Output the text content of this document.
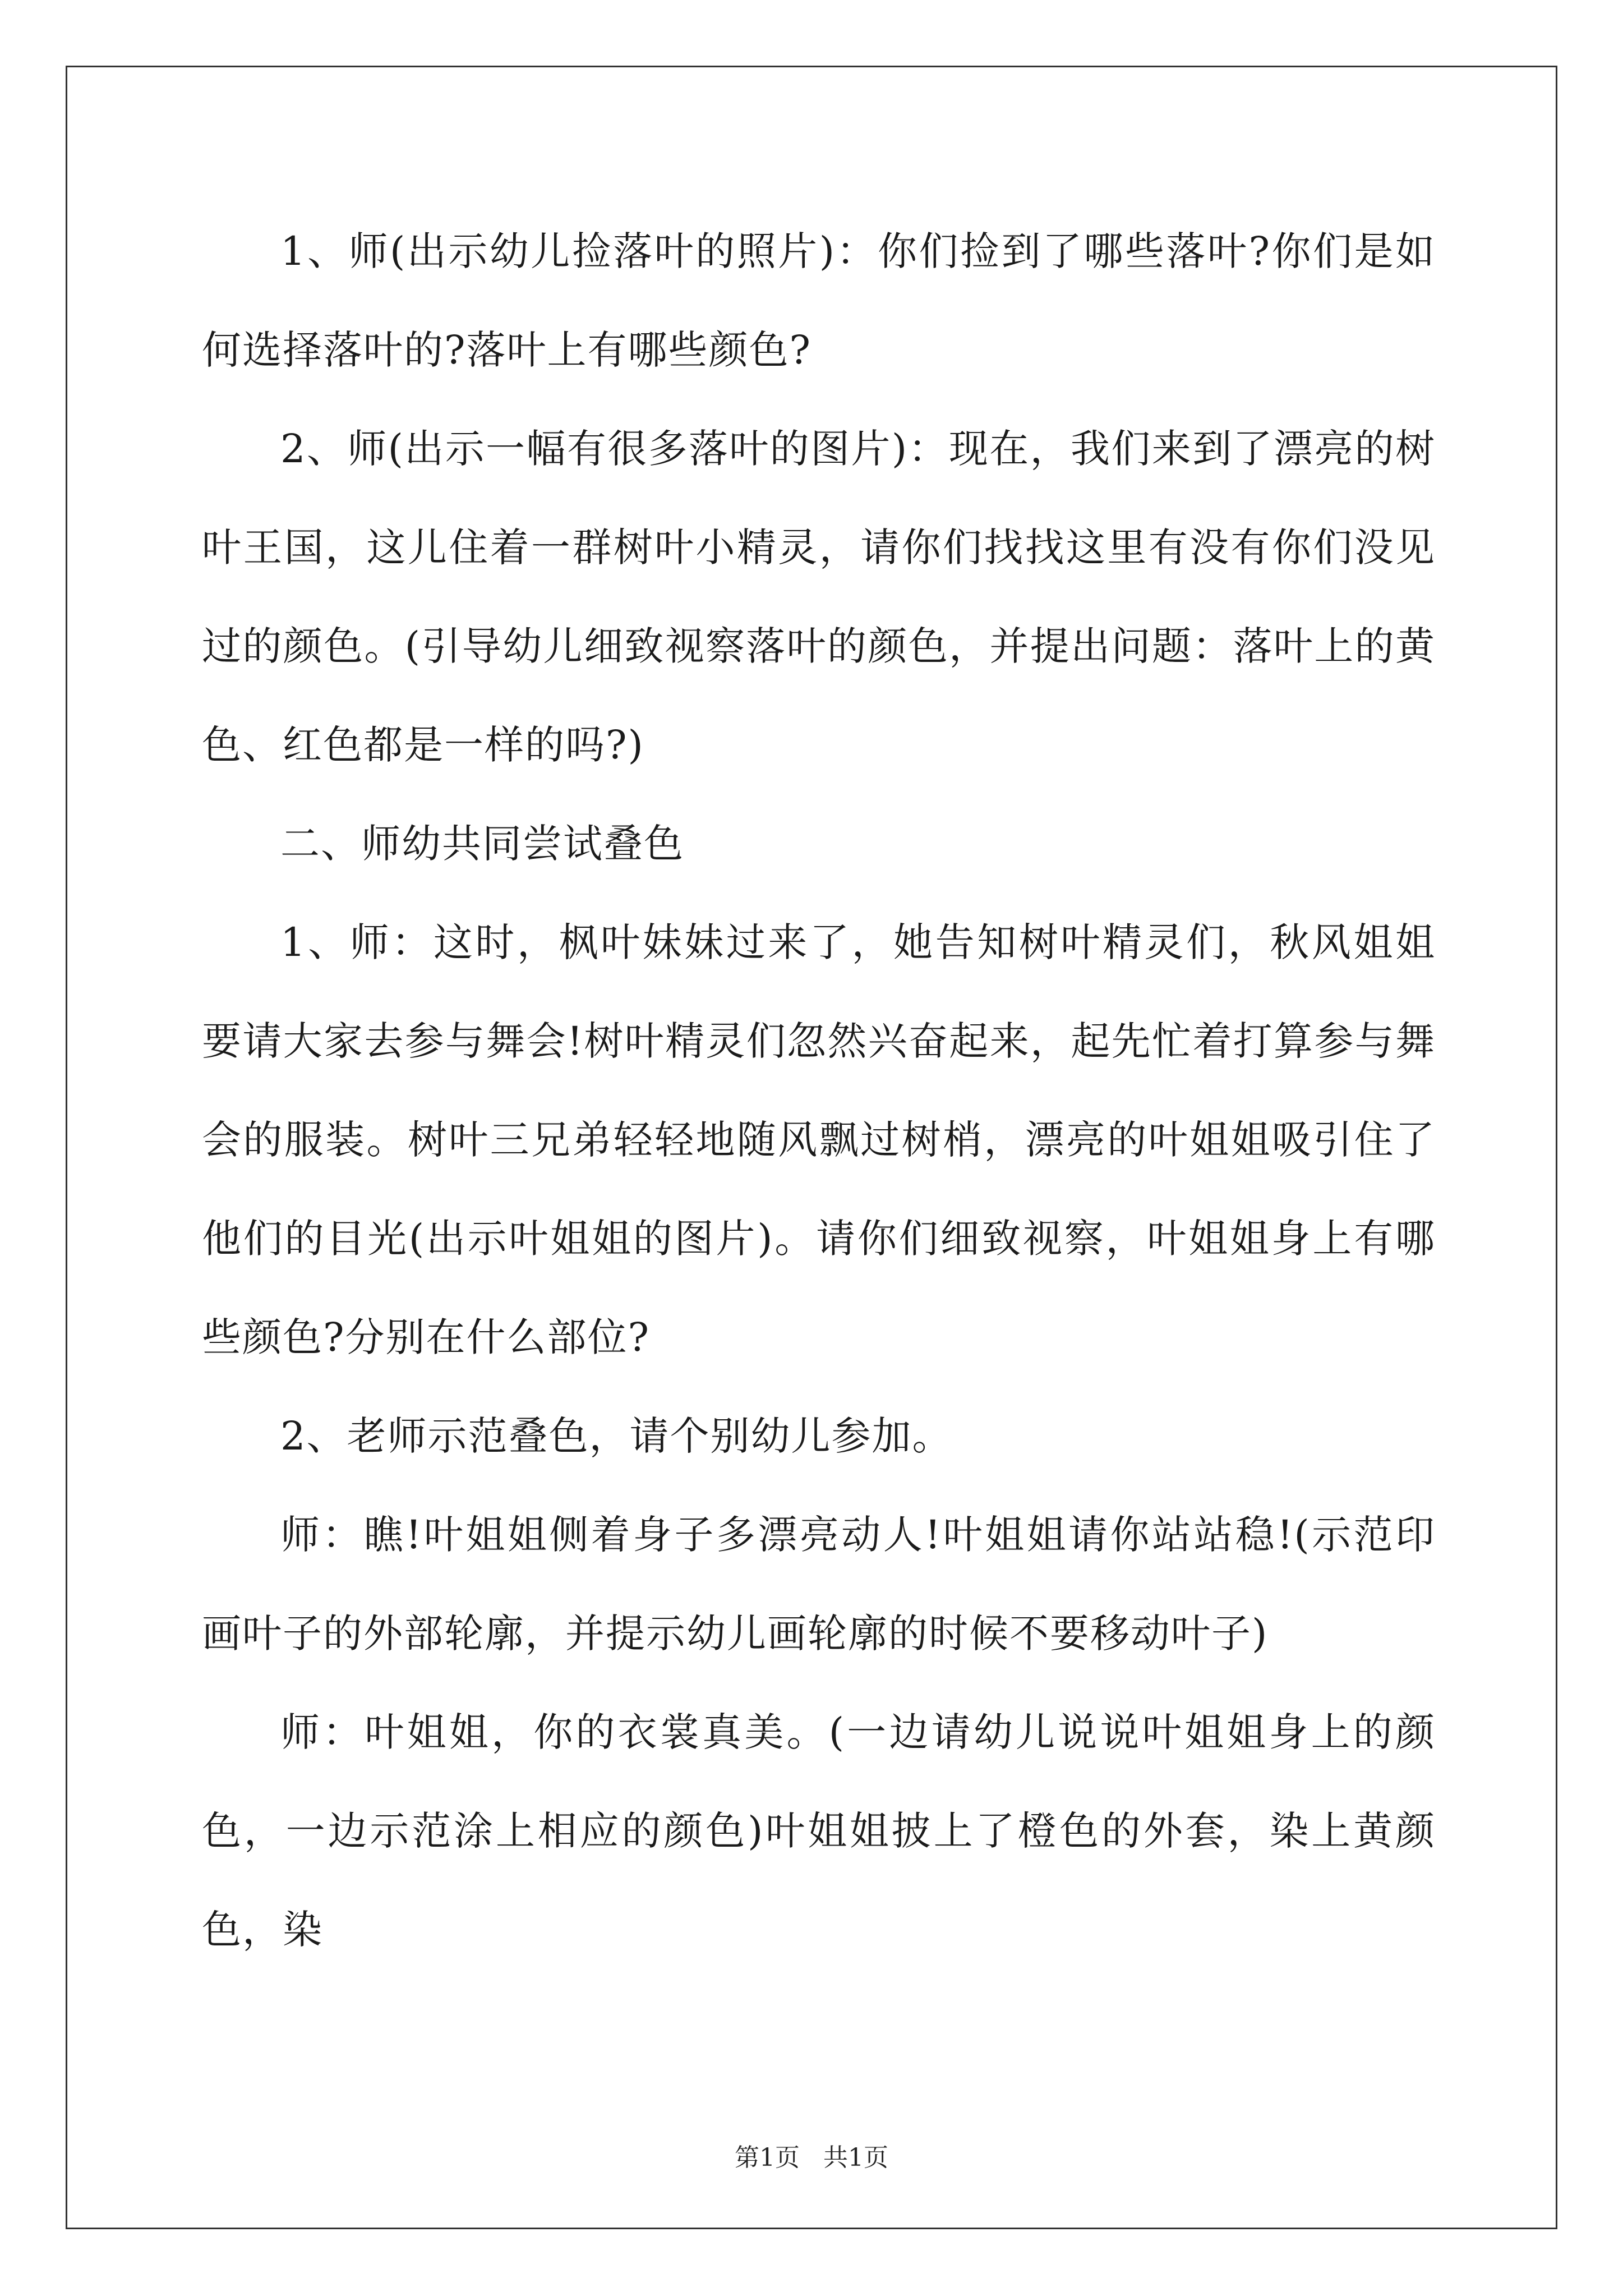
1、师(出示幼儿捡落叶的照片)：你们捡到了哪些落叶?你们是如何选择落叶的?落叶上有哪些颜色?

2、师(出示一幅有很多落叶的图片)：现在，我们来到了漂亮的树叶王国，这儿住着一群树叶小精灵，请你们找找这里有没有你们没见过的颜色。(引导幼儿细致视察落叶的颜色，并提出问题：落叶上的黄色、红色都是一样的吗?)

二、师幼共同尝试叠色

1、师：这时，枫叶妹妹过来了，她告知树叶精灵们，秋风姐姐要请大家去参与舞会!树叶精灵们忽然兴奋起来，起先忙着打算参与舞会的服装。树叶三兄弟轻轻地随风飘过树梢，漂亮的叶姐姐吸引住了他们的目光(出示叶姐姐的图片)。请你们细致视察，叶姐姐身上有哪些颜色?分别在什么部位?

2、老师示范叠色，请个别幼儿参加。

师：瞧!叶姐姐侧着身子多漂亮动人!叶姐姐请你站站稳!(示范印画叶子的外部轮廓，并提示幼儿画轮廓的时候不要移动叶子)

师：叶姐姐，你的衣裳真美。(一边请幼儿说说叶姐姐身上的颜色，一边示范涂上相应的颜色)叶姐姐披上了橙色的外套，染上黄颜色，染

第1页 共1页
